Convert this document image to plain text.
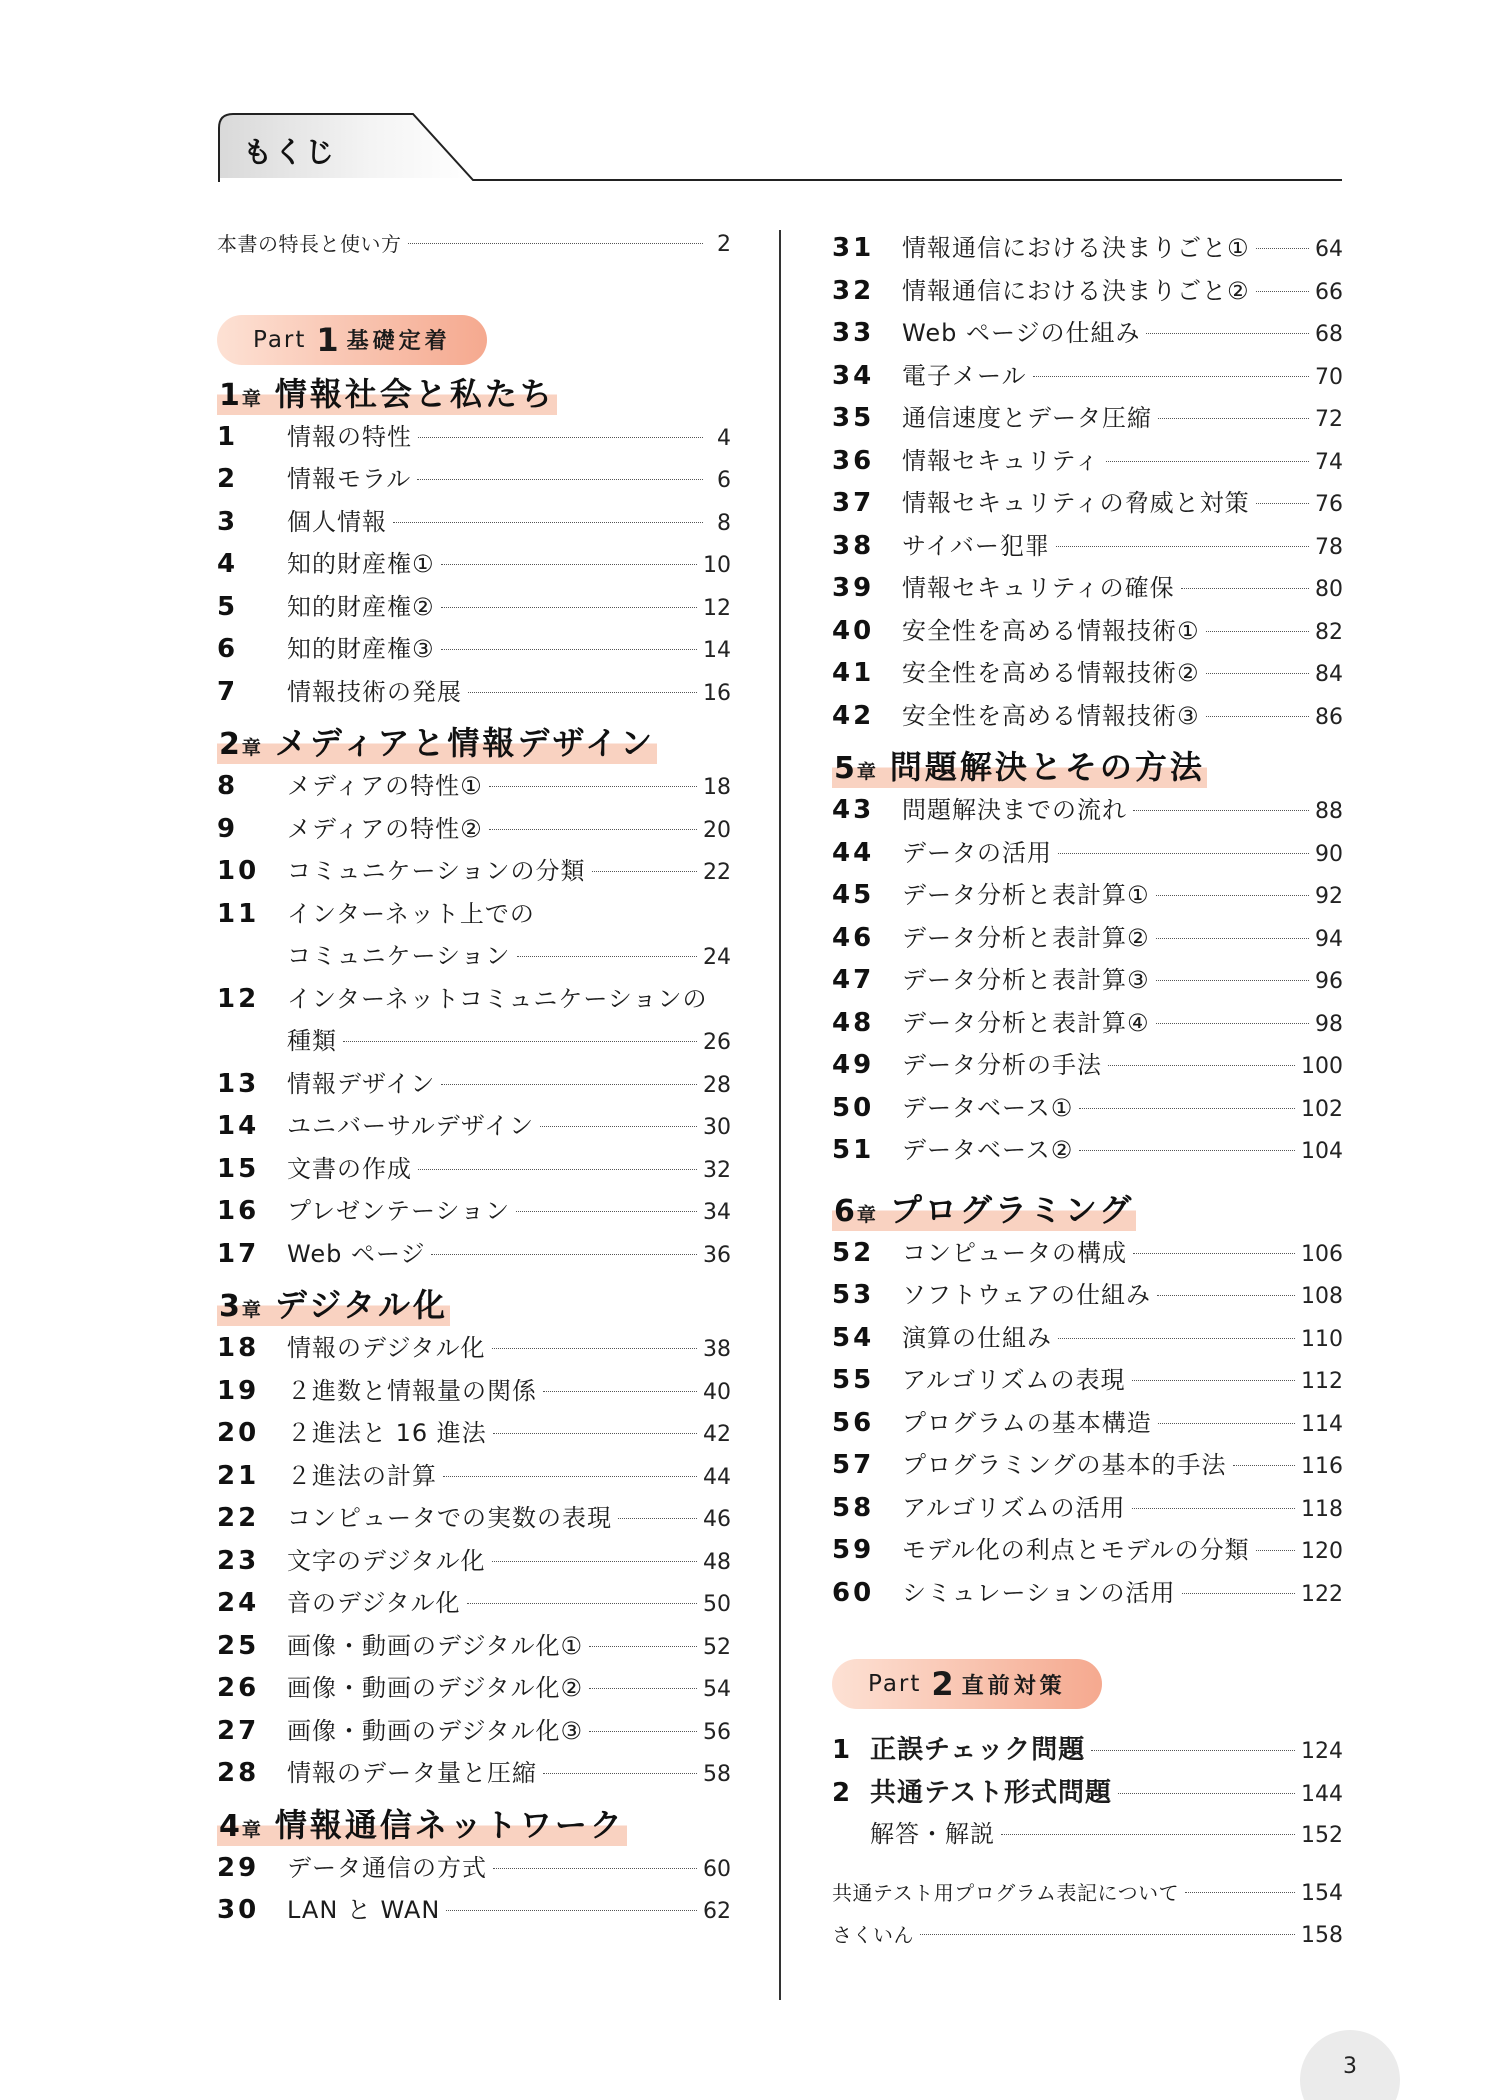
もくじ
本書の特長と使い方	2
Part 1 基礎定着
1 章 情報社会と私たち
1	情報の特性	4
2	情報モラル	6
3	個人情報	8
4	知的財産権①	10
5	知的財産権②	12
6	知的財産権③	14
7	情報技術の発展	16
2 章 メディアと情報デザイン
8	メディアの特性①	18
9	メディアの特性②	20
10	コミュニケーションの分類	22
11	インターネット上での
コミュニケーション	24
12	インターネットコミュニケーションの
種類	26
13	情報デザイン	28
14	ユニバーサルデザイン	30
15	文書の作成	32
16	プレゼンテーション	34
17	Web ページ	36
3 章 デジタル化
18	情報のデジタル化	38
19	２進数と情報量の関係	40
20	２進法と 16 進法	42
21	２進法の計算	44
22	コンピュータでの実数の表現	46
23	文字のデジタル化	48
24	音のデジタル化	50
25	画像・動画のデジタル化①	52
26	画像・動画のデジタル化②	54
27	画像・動画のデジタル化③	56
28	情報のデータ量と圧縮	58
4 章 情報通信ネットワーク
29	データ通信の方式	60
30	LAN と WAN	62
31	情報通信における決まりごと①	64
32	情報通信における決まりごと②	66
33	Web ページの仕組み	68
34	電子メール	70
35	通信速度とデータ圧縮	72
36	情報セキュリティ	74
37	情報セキュリティの脅威と対策	76
38	サイバー犯罪	78
39	情報セキュリティの確保	80
40	安全性を高める情報技術①	82
41	安全性を高める情報技術②	84
42	安全性を高める情報技術③	86
5 章 問題解決とその方法
43	問題解決までの流れ	88
44	データの活用	90
45	データ分析と表計算①	92
46	データ分析と表計算②	94
47	データ分析と表計算③	96
48	データ分析と表計算④	98
49	データ分析の手法	100
50	データベース①	102
51	データベース②	104
6 章 プログラミング
52	コンピュータの構成	106
53	ソフトウェアの仕組み	108
54	演算の仕組み	110
55	アルゴリズムの表現	112
56	プログラムの基本構造	114
57	プログラミングの基本的手法	116
58	アルゴリズムの活用	118
59	モデル化の利点とモデルの分類 120
60	シミュレーションの活用	122
Part 2 直前対策
1 正誤チェック問題	124
2 共通テスト形式問題	144
解答・解説	152
共通テスト用プログラム表記について	154
さくいん	158
3
